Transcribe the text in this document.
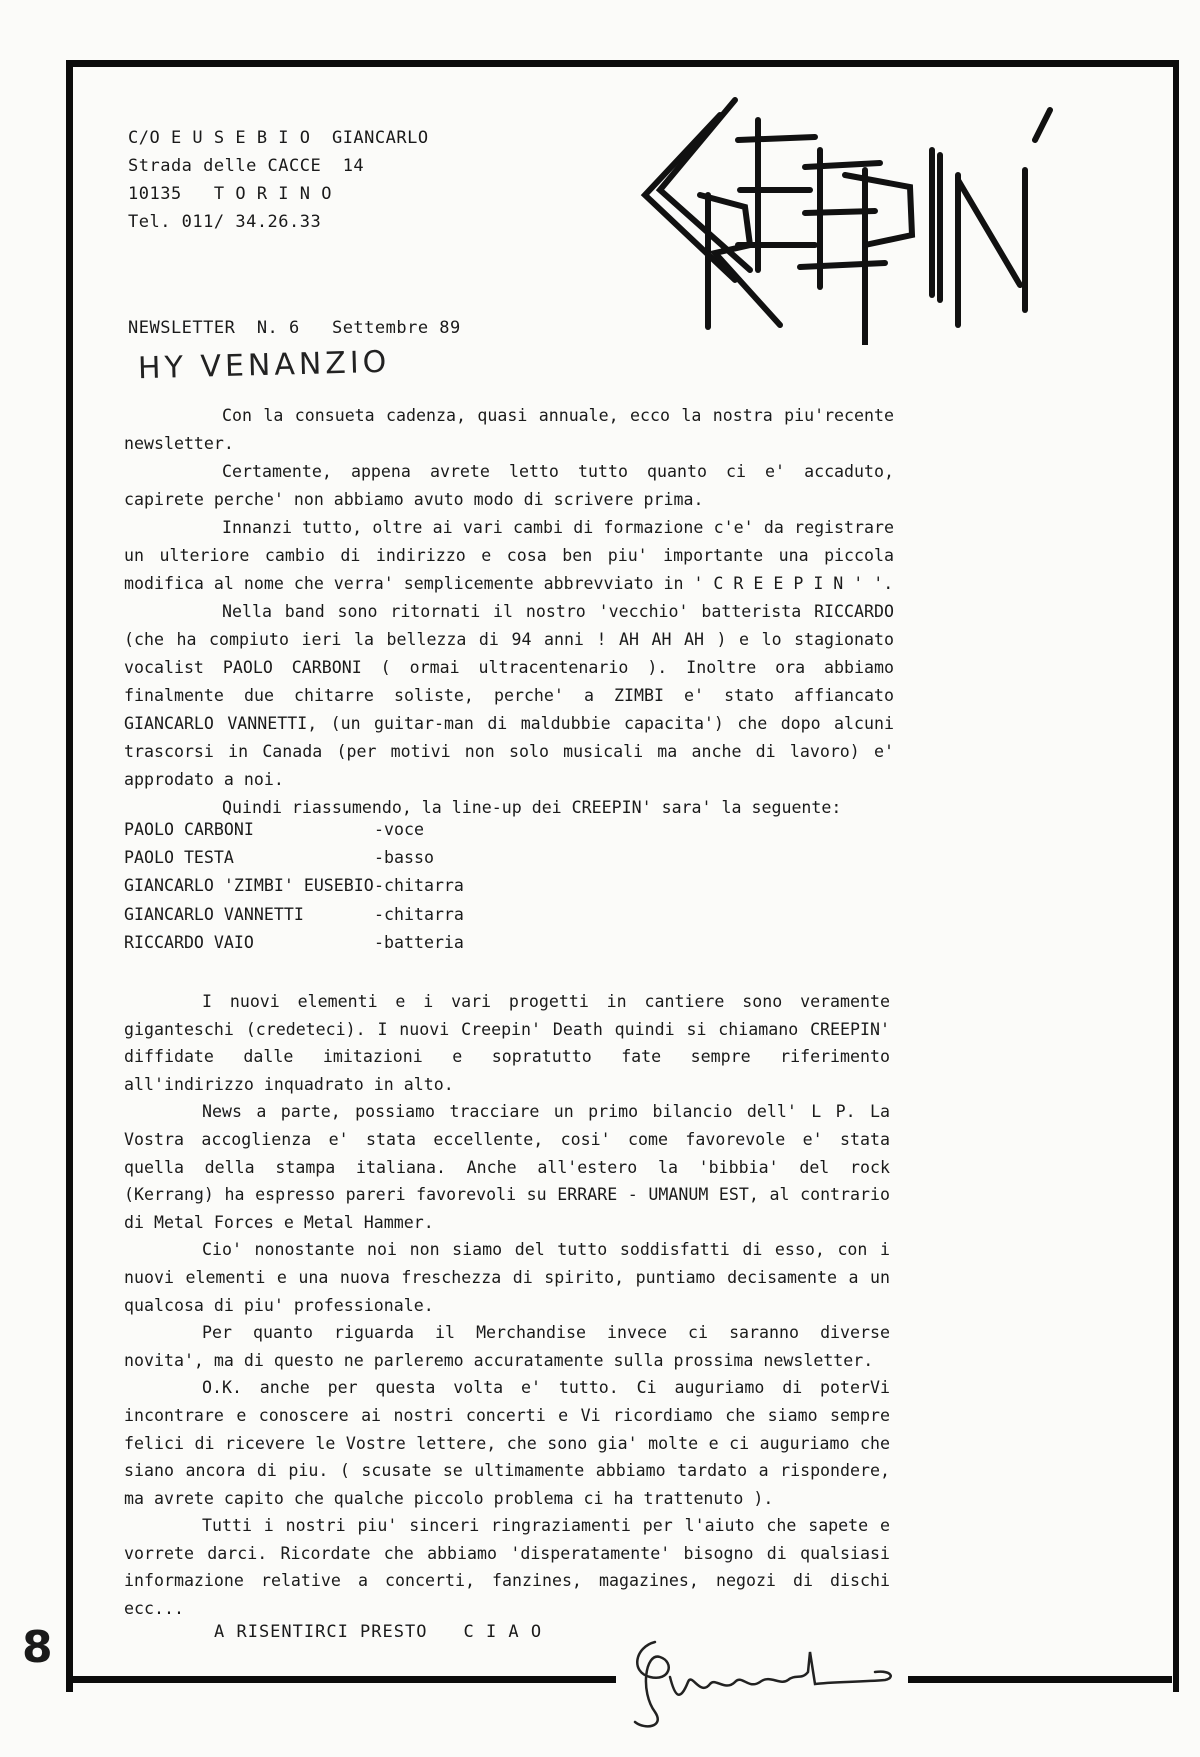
C/O E U S E B I O  GIANCARLO
Strada delle CACCE  14
10135   T O R I N O
Tel. 011/ 34.26.33
NEWSLETTER  N. 6   Settembre 89
HY VENANZIO

Con la consueta cadenza, quasi annuale, ecco la nostra piu'recente newsletter.

Certamente, appena avrete letto tutto quanto ci e' accaduto, capirete perche' non abbiamo avuto modo di scrivere prima.

Innanzi tutto, oltre ai vari cambi di formazione c'e' da registrare un ulteriore cambio di indirizzo e cosa ben piu' importante una piccola modifica al nome che verra' semplicemente abbrevviato in ' C R E E P I N ' '.

Nella band sono ritornati il nostro 'vecchio' batterista RICCARDO (che ha compiuto ieri la bellezza di 94 anni ! AH AH AH ) e lo stagionato vocalist PAOLO CARBONI ( ormai ultracentenario ). Inoltre ora abbiamo finalmente due chitarre soliste, perche' a ZIMBI e' stato affiancato GIANCARLO VANNETTI, (un guitar-man di maldubbie capacita') che dopo alcuni trascorsi in Canada (per motivi non solo musicali ma anche di lavoro) e' approdato a noi.

Quindi riassumendo, la line-up dei CREEPIN' sara' la seguente:

PAOLO CARBONI	-voce
PAOLO TESTA	-basso
GIANCARLO 'ZIMBI' EUSEBIO -chitarra
GIANCARLO VANNETTI	-chitarra
RICCARDO VAIO	-batteria

I nuovi elementi e i vari progetti in cantiere sono veramente giganteschi (credeteci). I nuovi Creepin' Death quindi si chiamano CREEPIN' diffidate dalle imitazioni e sopratutto fate sempre riferimento all'indirizzo inquadrato in alto.

News a parte, possiamo tracciare un primo bilancio dell' L P. La Vostra accoglienza e' stata eccellente, cosi' come favorevole e' stata quella della stampa italiana. Anche all'estero la 'bibbia' del rock (Kerrang) ha espresso pareri favorevoli su ERRARE - UMANUM EST, al contrario di Metal Forces e Metal Hammer.

Cio' nonostante noi non siamo del tutto soddisfatti di esso, con i nuovi elementi e una nuova freschezza di spirito, puntiamo decisamente a un qualcosa di piu' professionale.

Per quanto riguarda il Merchandise invece ci saranno diverse novita', ma di questo ne parleremo accuratamente sulla prossima newsletter.

O.K. anche per questa volta e' tutto. Ci auguriamo di poterVi incontrare e conoscere ai nostri concerti e Vi ricordiamo che siamo sempre felici di ricevere le Vostre lettere, che sono gia' molte e ci auguriamo che siano ancora di piu. ( scusate se ultimamente abbiamo tardato a rispondere, ma avrete capito che qualche piccolo problema ci ha trattenuto ).

Tutti i nostri piu' sinceri ringraziamenti per l'aiuto che sapete e vorrete darci. Ricordate che abbiamo 'disperatamente' bisogno di qualsiasi informazione relative a concerti, fanzines, magazines, negozi di dischi ecc...

A RISENTIRCI PRESTO C I A O
8
